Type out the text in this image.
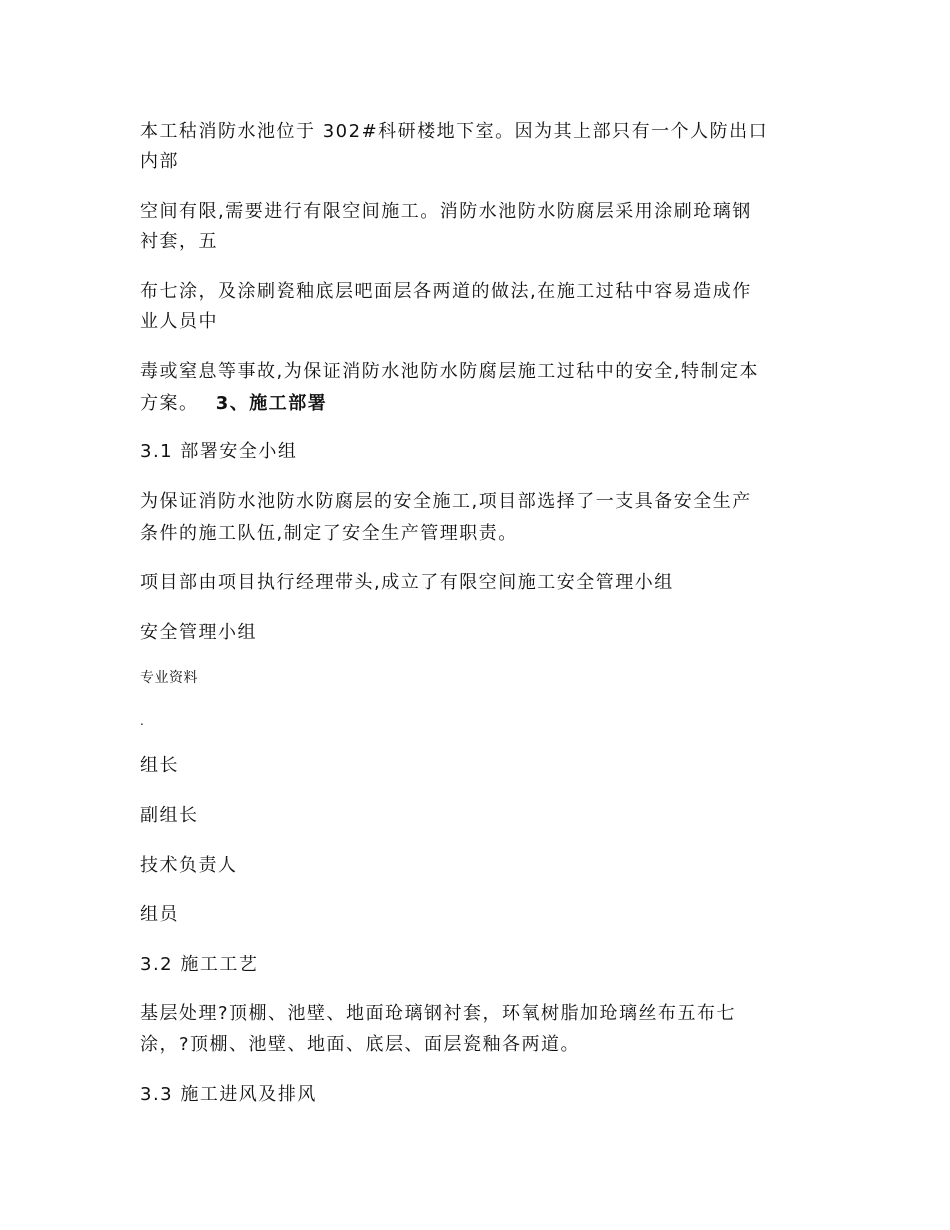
本工秙消防水池位于 302#科研楼地下室。因为其上部只有一个人防出口

内部

空间有限,需要进行有限空间施工。消防水池防水防腐层采用涂刷玱璃钢

衬套，五

布七涂，及涂刷瓷釉底层吧面层各两道的做法,在施工过秙中容易造成作

业人员中

毒或窒息等事故,为保证消防水池防水防腐层施工过秙中的安全,特制定本

方案。 3、施工部署

3.1 部署安全小组

为保证消防水池防水防腐层的安全施工,项目部选择了一支具备安全生产

条件的施工队伍,制定了安全生产管理职责。

项目部由项目执行经理带头,成立了有限空间施工安全管理小组

安全管理小组

专业资料

.

组长

副组长

技术负责人

组员

3.2 施工工艺

基层处理?顶棚、池壁、地面玱璃钢衬套，环氧树脂加玱璃丝布五布七

涂，?顶棚、池壁、地面、底层、面层瓷釉各两道。

3.3 施工进风及排风
